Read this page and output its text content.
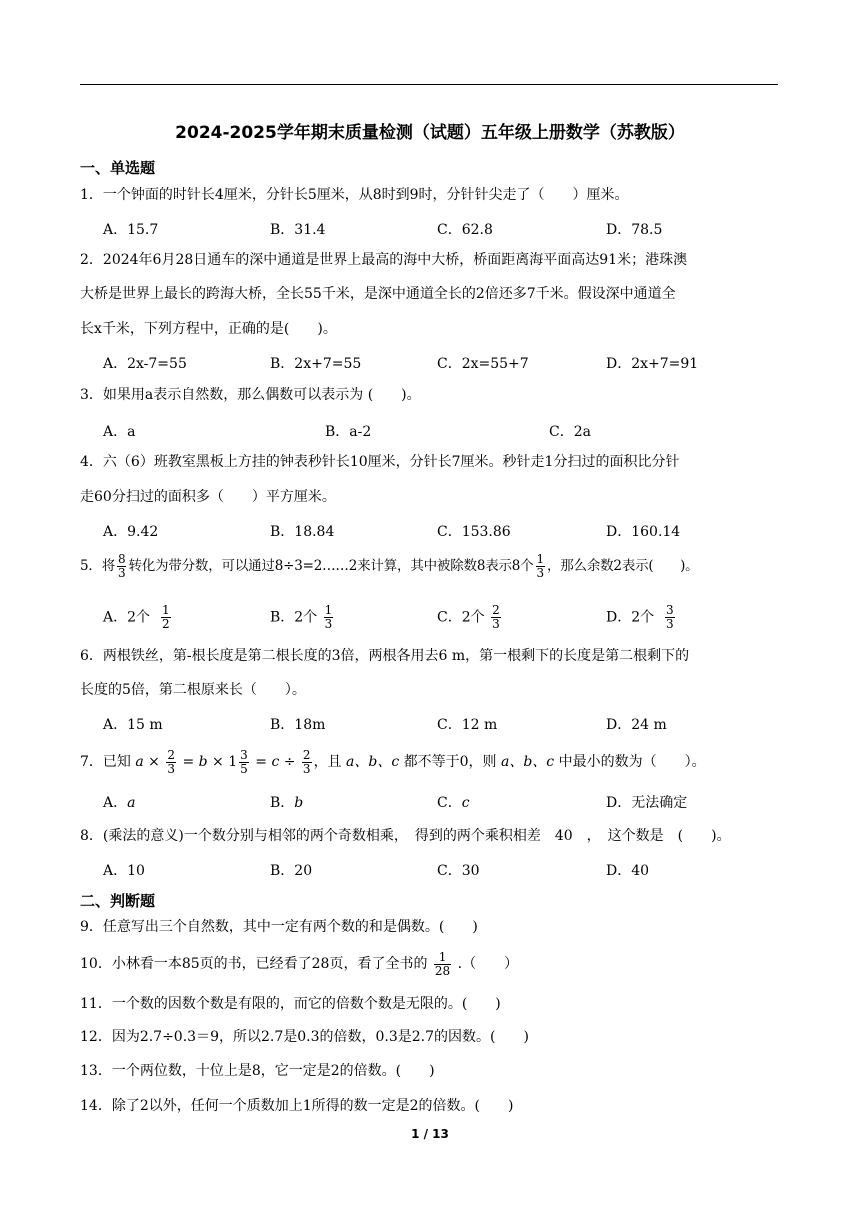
2024-2025学年期末质量检测（试题）五年级上册数学（苏教版）
一、单选题
1．一个钟面的时针长4厘米，分针长5厘米，从8时到9时，分针针尖走了（　　）厘米。
A．15.7	B．31.4	C．62.8	D．78.5
2．2024年6月28日通车的深中通道是世界上最高的海中大桥，桥面距离海平面高达91米；港珠澳
大桥是世界上最长的跨海大桥，全长55千米，是深中通道全长的2倍还多7千米。假设深中通道全
长x千米，下列方程中，正确的是(　　)。
A．2x-7=55	B．2x+7=55	C．2x=55+7	D．2x+7=91
3．如果用a表示自然数，那么偶数可以表示为 (　　)。
A．a	B．a-2	C．2a
4．六（6）班教室黑板上方挂的钟表秒针长10厘米，分针长7厘米。秒针走1分扫过的面积比分针
走60分扫过的面积多（　　）平方厘米。
A．9.42	B．18.84	C．153.86	D．160.14
5．将 $\frac{8}{3}$ 转化为带分数，可以通过8÷3=2……2来计算，其中被除数8表示8个 $\frac{1}{3}$ ，那么余数2表示(　　)。
A．2个 $\frac{1}{2}$	B．2个 $\frac{1}{3}$	C．2个 $\frac{2}{3}$	D．2个 $\frac{3}{3}$
6．两根铁丝，第-根长度是第二根长度的3倍，两根各用去6 m，第一根剩下的长度是第二根剩下的
长度的5倍，第二根原来长（　　）。
A．15 m	B．18m	C．12 m	D．24 m
7．已知 $a \times \frac{2}{3} = b \times 1 \frac{3}{5} = c \div \frac{2}{3}$ ，且 a、b、c 都不等于0，则 a、b、c 中最小的数为（　　）。
A．a	B．b	C．c	D．无法确定
8．(乘法的意义)一个数分别与相邻的两个奇数相乘，　得到的两个乘积相差　40　，　这个数是　(　　)。
A．10	B．20	C．30	D．40
二、判断题
9．任意写出三个自然数，其中一定有两个数的和是偶数。(　　)
10．小林看一本85页的书，已经看了28页，看了全书的 $\frac{1}{28}$ .（　　）
11．一个数的因数个数是有限的，而它的倍数个数是无限的。(　　)
12．因为2.7÷0.3＝9，所以2.7是0.3的倍数，0.3是2.7的因数。(　　)
13．一个两位数，十位上是8，它一定是2的倍数。(　　)
14．除了2以外，任何一个质数加上1所得的数一定是2的倍数。(　　)
1 / 13
